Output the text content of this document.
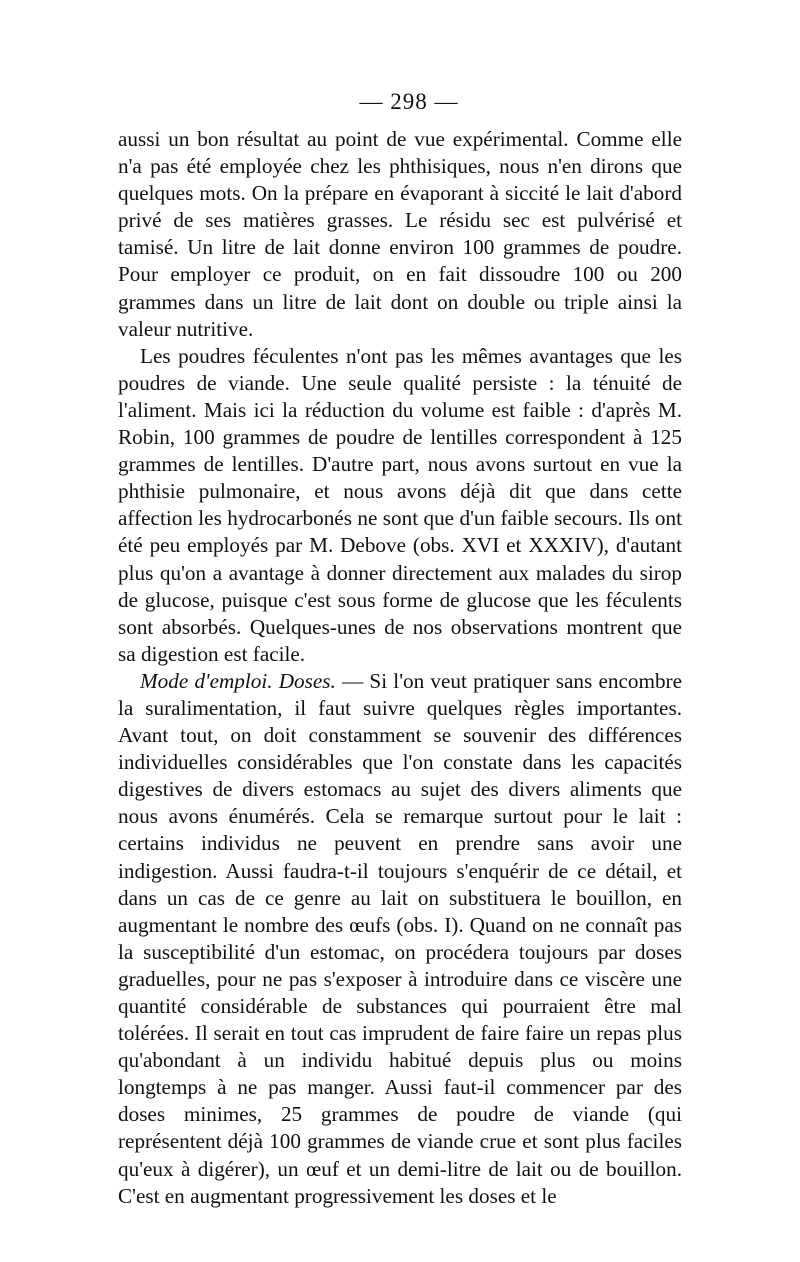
— 298 —

aussi un bon résultat au point de vue expérimental. Comme elle n'a pas été employée chez les phthisiques, nous n'en dirons que quelques mots. On la prépare en évaporant à siccité le lait d'abord privé de ses matières grasses. Le résidu sec est pulvérisé et tamisé. Un litre de lait donne environ 100 grammes de poudre. Pour employer ce produit, on en fait dissoudre 100 ou 200 grammes dans un litre de lait dont on double ou triple ainsi la valeur nutritive.

Les poudres féculentes n'ont pas les mêmes avantages que les poudres de viande. Une seule qualité persiste : la ténuité de l'aliment. Mais ici la réduction du volume est faible : d'après M. Robin, 100 grammes de poudre de lentilles correspondent à 125 grammes de lentilles. D'autre part, nous avons surtout en vue la phthisie pulmonaire, et nous avons déjà dit que dans cette affection les hydrocarbonés ne sont que d'un faible secours. Ils ont été peu employés par M. Debove (obs. XVI et XXXIV), d'autant plus qu'on a avantage à donner directement aux malades du sirop de glucose, puisque c'est sous forme de glucose que les féculents sont absorbés. Quelques-unes de nos observations montrent que sa digestion est facile.

Mode d'emploi. Doses. — Si l'on veut pratiquer sans encombre la suralimentation, il faut suivre quelques règles importantes. Avant tout, on doit constamment se souvenir des différences individuelles considérables que l'on constate dans les capacités digestives de divers estomacs au sujet des divers aliments que nous avons énumérés. Cela se remarque surtout pour le lait : certains individus ne peuvent en prendre sans avoir une indigestion. Aussi faudra-t-il toujours s'enquérir de ce détail, et dans un cas de ce genre au lait on substituera le bouillon, en augmentant le nombre des œufs (obs. I). Quand on ne connaît pas la susceptibilité d'un estomac, on procédera toujours par doses graduelles, pour ne pas s'exposer à introduire dans ce viscère une quantité considérable de substances qui pourraient être mal tolérées. Il serait en tout cas imprudent de faire faire un repas plus qu'abondant à un individu habitué depuis plus ou moins longtemps à ne pas manger. Aussi faut-il commencer par des doses minimes, 25 grammes de poudre de viande (qui représentent déjà 100 grammes de viande crue et sont plus faciles qu'eux à digérer), un œuf et un demi-litre de lait ou de bouillon. C'est en augmentant progressivement les doses et le
